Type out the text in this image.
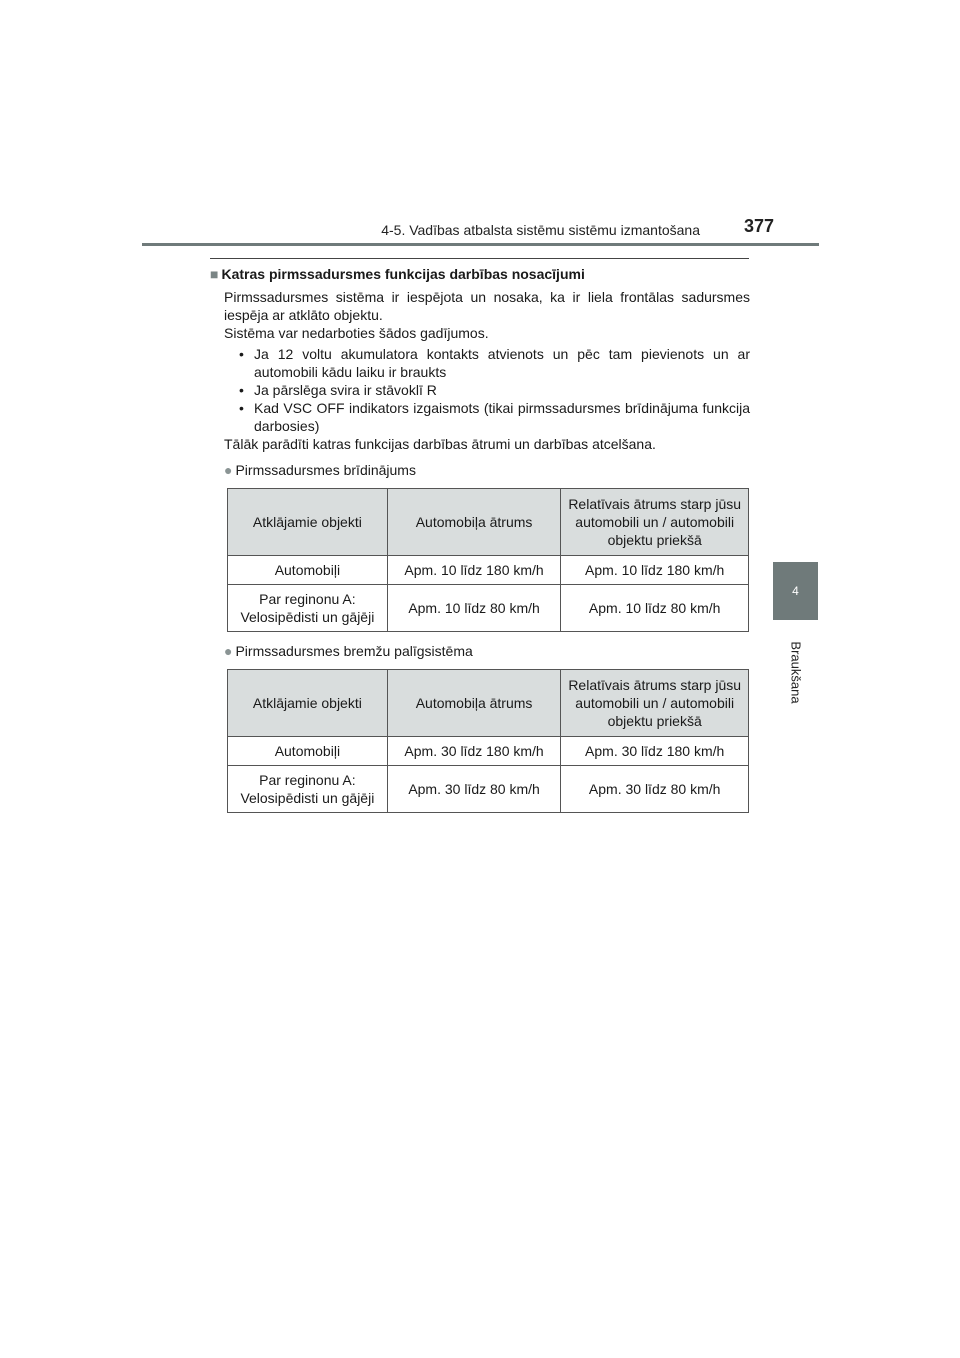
4-5. Vadības atbalsta sistēmu sistēmu izmantošana	377
4
Braukšana

■ Katras pirmssadursmes funkcijas darbības nosacījumi

Pirmssadursmes sistēma ir iespējota un nosaka, ka ir liela frontālas sadursmes iespēja ar atklāto objektu.

Sistēma var nedarboties šādos gadījumos.

• Ja 12 voltu akumulatora kontakts atvienots un pēc tam pievienots un ar automobili kādu laiku ir braukts
• Ja pārslēga svira ir stāvoklī R
• Kad VSC OFF indikators izgaismots (tikai pirmssadursmes brīdinājuma funkcija darbosies)

Tālāk parādīti katras funkcijas darbības ātrumi un darbības atcelšana.

● Pirmssadursmes brīdinājums

Atklājamie objekti	Automobiļa ātrums	Relatīvais ātrums starp jūsu automobili un / automobili objektu priekšā
Automobiļi	Apm. 10 līdz 180 km/h	Apm. 10 līdz 180 km/h
Par reginonu A: Velosipēdisti un gājēji	Apm. 10 līdz 80 km/h	Apm. 10 līdz 80 km/h

● Pirmssadursmes bremžu palīgsistēma

Atklājamie objekti	Automobiļa ātrums	Relatīvais ātrums starp jūsu automobili un / automobili objektu priekšā
Automobiļi	Apm. 30 līdz 180 km/h	Apm. 30 līdz 180 km/h
Par reginonu A: Velosipēdisti un gājēji	Apm. 30 līdz 80 km/h	Apm. 30 līdz 80 km/h
